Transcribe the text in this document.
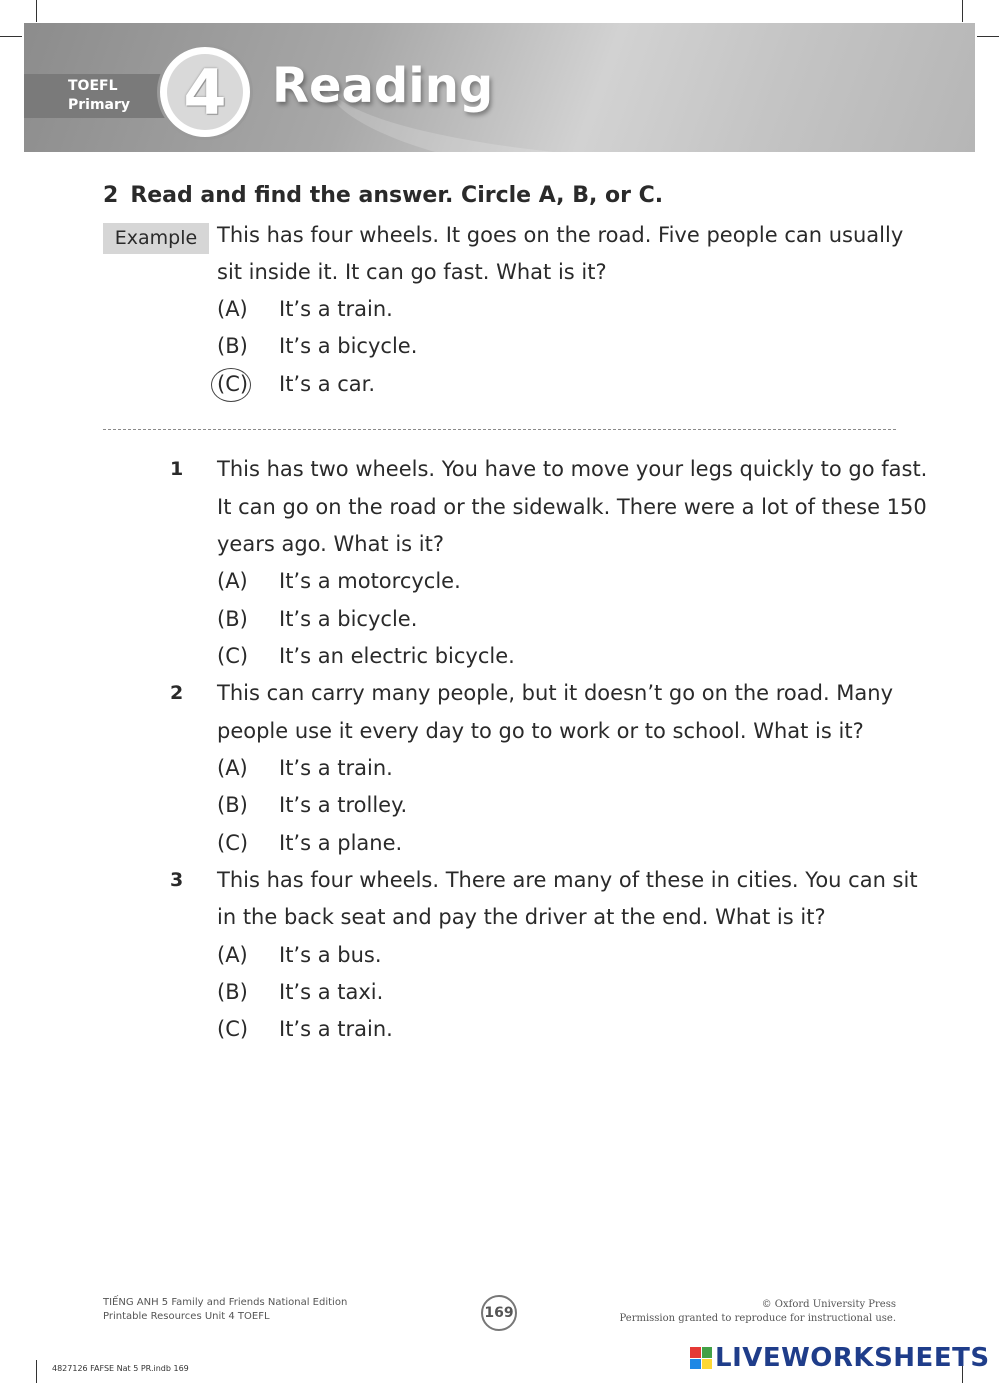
TOEFL
Primary 4 Reading
2 Read and find the answer. Circle A, B, or C.
Example This has four wheels. It goes on the road. Five people can usually
sit inside it. It can go fast. What is it?
(A) It’s a train.
(B) It’s a bicycle.
(C) It’s a car.
1 This has two wheels. You have to move your legs quickly to go fast.
It can go on the road or the sidewalk. There were a lot of these 150
years ago. What is it?
(A) It’s a motorcycle.
(B) It’s a bicycle.
(C) It’s an electric bicycle.
2 This can carry many people, but it doesn’t go on the road. Many
people use it every day to go to work or to school. What is it?
(A) It’s a train.
(B) It’s a trolley.
(C) It’s a plane.
3 This has four wheels. There are many of these in cities. You can sit
in the back seat and pay the driver at the end. What is it?
(A) It’s a bus.
(B) It’s a taxi.
(C) It’s a train.
TIẾNG ANH 5 Family and Friends National Edition
Printable Resources Unit 4 TOEFL	169
© Oxford University Press
Permission granted to reproduce for instructional use.
4827126 FAFSE Nat 5 PR.indb 169	LIVEWORKSHEETS
